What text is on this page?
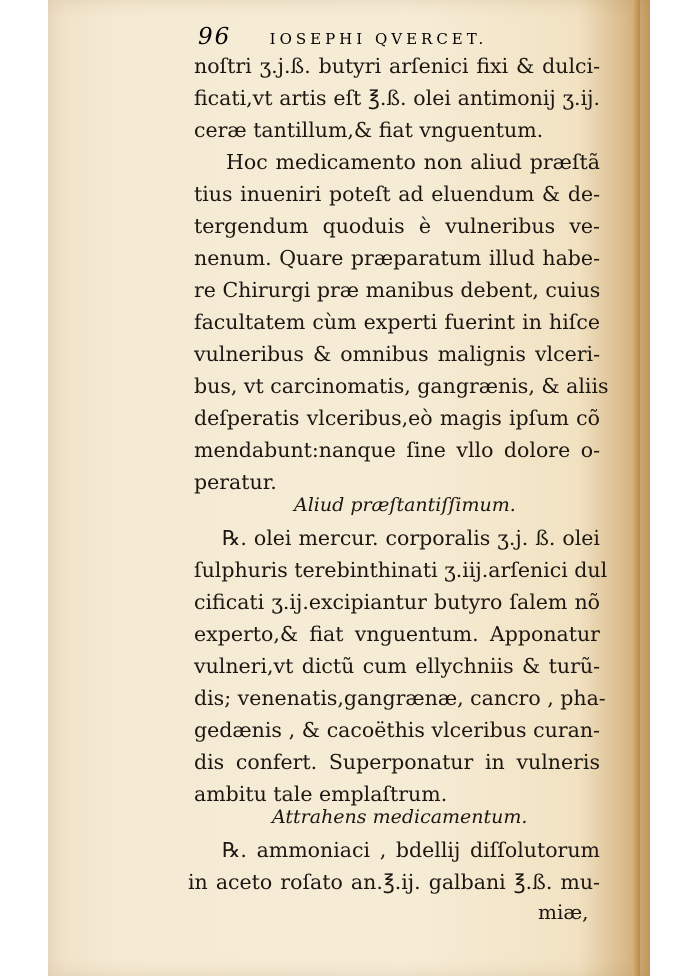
96	IOSEPHI QVERCET.
noſtri ʒ.j.ß. butyri arſenici fixi & dulci-
ficati,vt artis eſt ℥.ß. olei antimonij ʒ.ij.
ceræ tantillum,& fiat vnguentum.
Hoc medicamento non aliud præſtã
tius inueniri poteſt ad eluendum & de-
tergendum quoduis è vulneribus ve-
nenum. Quare præparatum illud habe-
re Chirurgi præ manibus debent, cuius
facultatem cùm experti fuerint in hiſce
vulneribus & omnibus malignis vlceri-
bus, vt carcinomatis, gangrænis, & aliis
deſperatis vlceribus,eò magis ipſum cõ
mendabunt:nanque ſine vllo dolore o-
peratur.
Aliud præſtantiſſimum.
℞. olei mercur. corporalis ʒ.j. ß. olei
ſulphuris terebinthinati ʒ.iij.arſenici dul
cificati ʒ.ij.excipiantur butyro ſalem nõ
experto,& fiat vnguentum. Apponatur
vulneri,vt dictũ cum ellychniis & turũ-
dis; venenatis,gangrænæ, cancro , pha-
gedænis , & cacoëthis vlceribus curan-
dis confert. Superponatur in vulneris
ambitu tale emplaſtrum.
Attrahens medicamentum.
℞. ammoniaci , bdellij diſſolutorum
in aceto roſato an.℥.ij. galbani ℥.ß. mu-
miæ,
